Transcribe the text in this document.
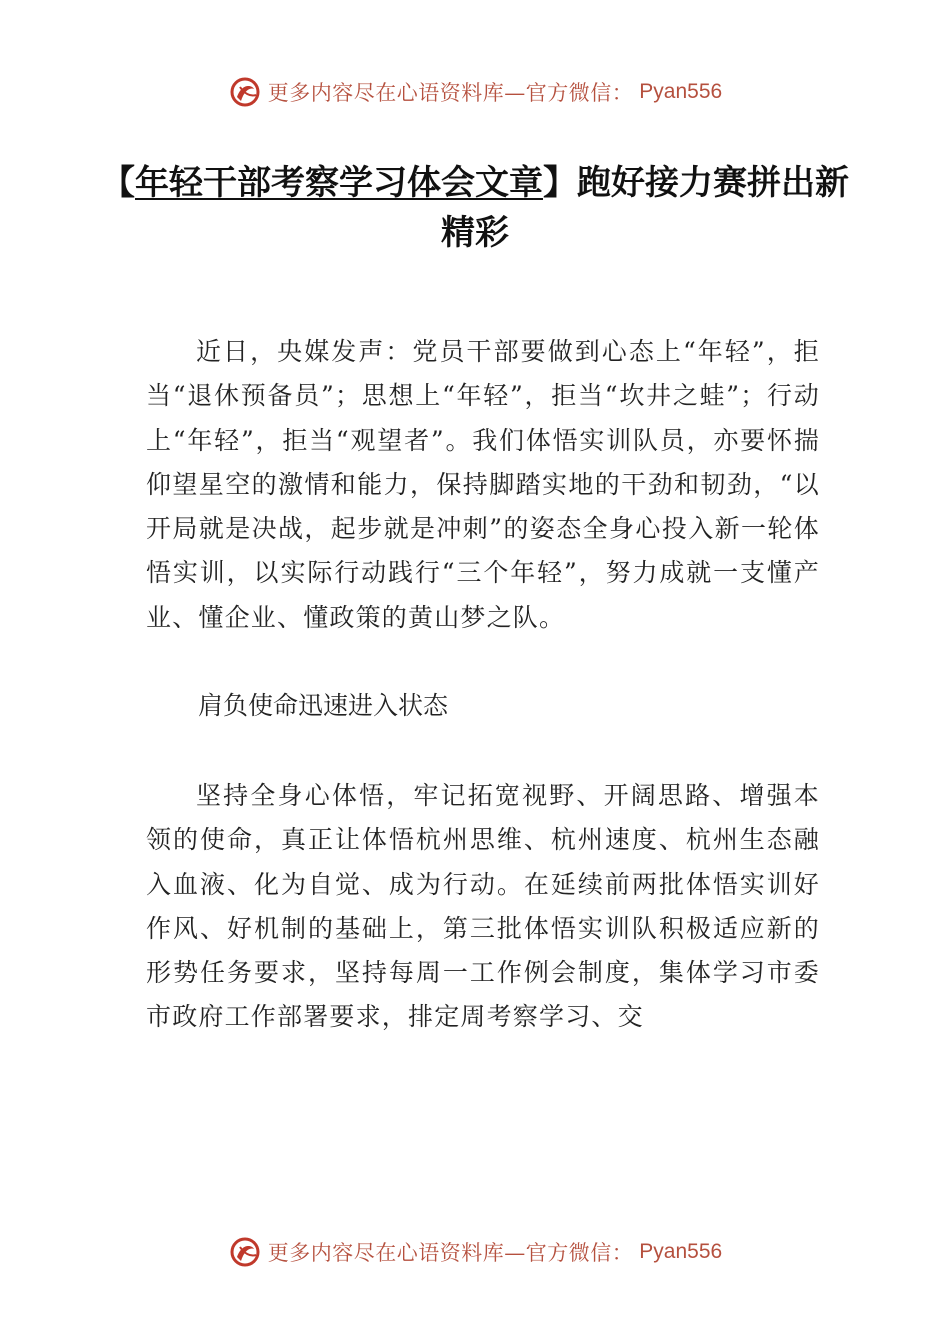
更多内容尽在心语资料库—官方微信： Pyan556
【年轻干部考察学习体会文章】跑好接力赛拼出新精彩

近日，央媒发声：党员干部要做到心态上“年轻”，拒当“退休预备员”；思想上“年轻”，拒当“坎井之蛙”；行动上“年轻”，拒当“观望者”。我们体悟实训队员，亦要怀揣仰望星空的激情和能力，保持脚踏实地的干劲和韧劲，“以开局就是决战，起步就是冲刺”的姿态全身心投入新一轮体悟实训，以实际行动践行“三个年轻”，努力成就一支懂产业、懂企业、懂政策的黄山梦之队。

肩负使命迅速进入状态

坚持全身心体悟，牢记拓宽视野、开阔思路、增强本领的使命，真正让体悟杭州思维、杭州速度、杭州生态融入血液、化为自觉、成为行动。在延续前两批体悟实训好作风、好机制的基础上，第三批体悟实训队积极适应新的形势任务要求，坚持每周一工作例会制度，集体学习市委市政府工作部署要求，排定周考察学习、交

更多内容尽在心语资料库—官方微信： Pyan556
